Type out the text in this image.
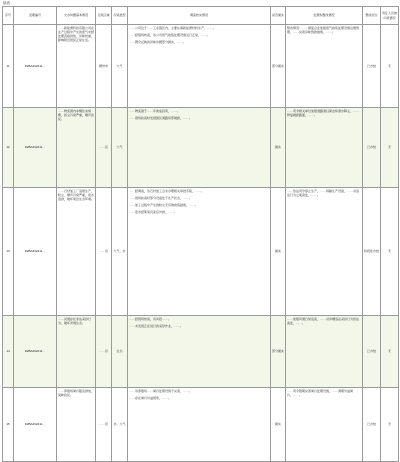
续表
序号	受理编号	交办问题基本情况	行政区域	污染类型	调查核实情况	是否属实	处理和整改情况	整改状态	责任人员被问责情况
11	D2BA202211…	……新能源科技有限公司在生产过程中产生的废气未经处理直接排放，异味较重，影响附近居民正常生活。	柳州市	大气	……公司位于……工业园区内，主要从事新能源材料生产，……。
……经现场核查，该公司废气收集处理设施运行正常，……。
……群众反映的异味问题部分属实，……。	部分属实	整改情况：……督促企业加强废气收集处理设施运维管理，……完善异味管控措施，……。	已办结	无
12	D2BA202211…	……物流园内车辆往来频繁，扬尘污染严重，噪声扰民。	……区	大气	……物流园于……年建成投用，……。
……现场检查时发现园区道路局部破损，……。	属实	……责令相关单位加强道路清扫保洁和洒水降尘，……修复破损路面，……。	已办结	无
13	D2BA202211…	……石材加工厂违规生产，粉尘、噪声污染严重，废水直排，破坏周边生态环境。	……县	大气、水	……经调查，该石材加工点未办理相关审批手续，……。
……现场检查时部分设备处于生产状态，……。
……加工过程中产生的粉尘无有效收集措施，……。
……废水经简易沉淀后外排，……。	属实	……依法责令停止生产，……拆除生产设备，……对违法行为立案查处，……。	阶段性办结	无
14	D2BA202211…	……河道存在非法采砂行为，破坏河道生态。	……县	生态	……经现场核查，该河段……。
……未发现正在进行的采砂作业，……。	部分属实	……加强河道日常巡查，……对涉嫌违法采砂行为依法查处，……。	已办结	无
15	D2BA202211…	……养殖场粪污随意排放，臭味扰民。	……县	水、大气	……该养殖场……粪污处理设施不完善，……。
……存在粪污外溢现象，……。	属实	……责令限期完善粪污处理设施，……清理外溢粪污，……。	已办结	无
